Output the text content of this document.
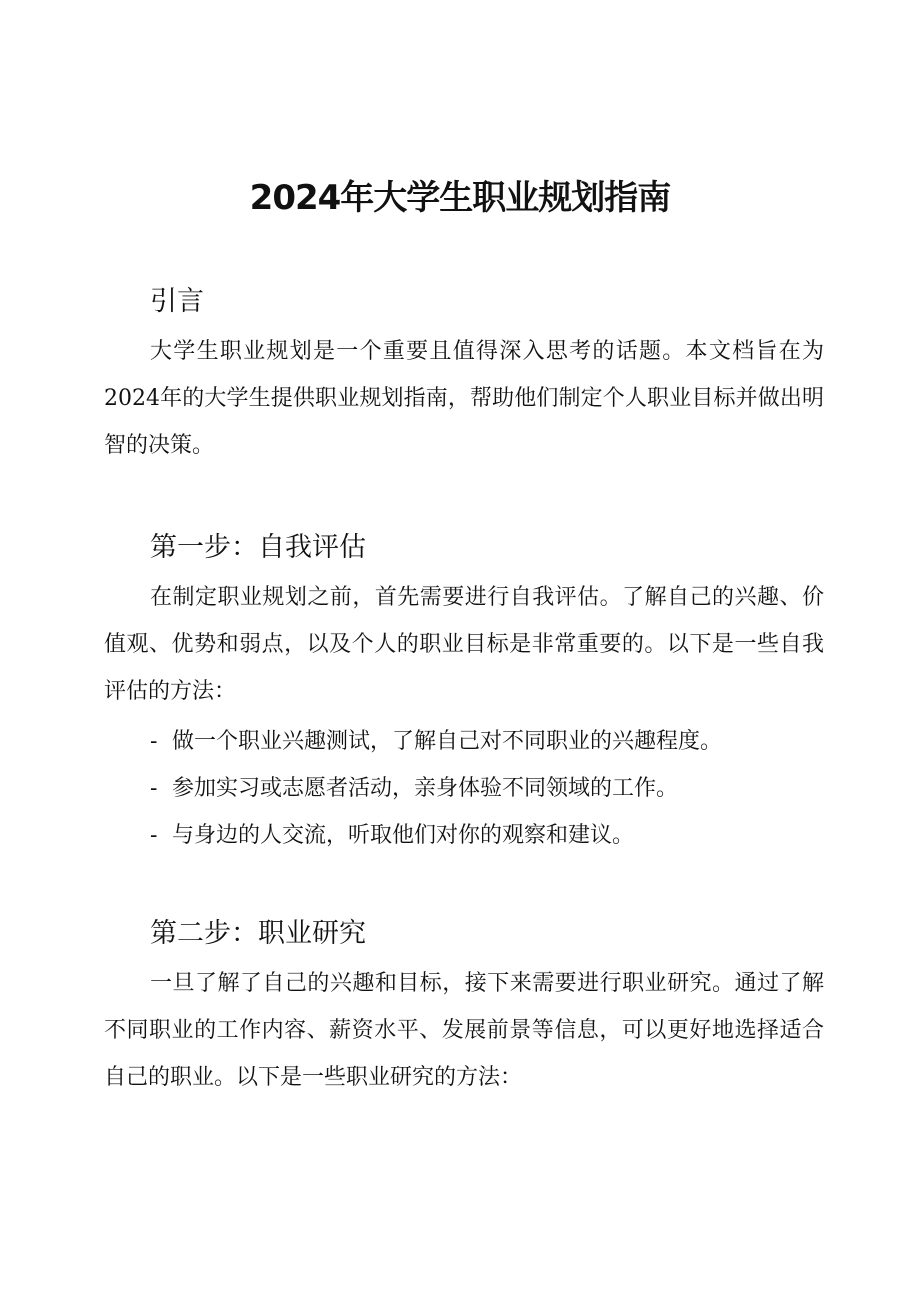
2024年大学生职业规划指南
引言

大学生职业规划是一个重要且值得深入思考的话题。本文档旨在为2024年的大学生提供职业规划指南，帮助他们制定个人职业目标并做出明智的决策。

第一步：自我评估

在制定职业规划之前，首先需要进行自我评估。了解自己的兴趣、价值观、优势和弱点，以及个人的职业目标是非常重要的。以下是一些自我评估的方法：

- 做一个职业兴趣测试，了解自己对不同职业的兴趣程度。

- 参加实习或志愿者活动，亲身体验不同领域的工作。

- 与身边的人交流，听取他们对你的观察和建议。

第二步：职业研究

一旦了解了自己的兴趣和目标，接下来需要进行职业研究。通过了解不同职业的工作内容、薪资水平、发展前景等信息，可以更好地选择适合自己的职业。以下是一些职业研究的方法：
